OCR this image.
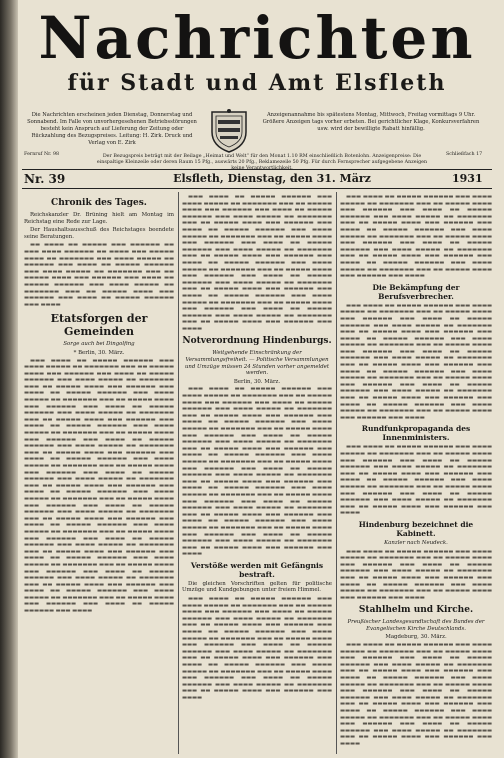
Nachrichten
für Stadt und Amt Elsfleth
Die Nachrichten erscheinen jeden Dienstag, Donnerstag und Sonnabend. Im Falle von unvorhergesehenen Betriebsstörungen besteht kein Anspruch auf Lieferung der Zeitung oder Rückzahlung des Bezugspreises. Leitung: H. Zirk. Druck und Verlag von E. Zirk
Anzeigenannahme bis spätestens Montag, Mittwoch, Freitag vormittags 9 Uhr. Größere Anzeigen tags vorher erbeten. Bei gerichtlicher Klage, Konkursverfahren usw. wird der bewilligte Rabatt hinfällig.
Fernruf Nr. 98	Der Bezugspreis beträgt mit der Beilage „Heimat und Welt“ für den Monat 1.10 RM einschließlich Botenlohn. Anzeigenpreise: Die einspaltige Kleinzeile oder deren Raum 15 Pfg., auswärts 20 Pfg., Reklamezeile 50 Pfg. Für durch Fernsprecher aufgegebene Anzeigen
Schließfach 17
Nr. 39	Elsfleth, Dienstag, den 31. März	1931
Chronik des Tages.

Reichskanzler Dr. Brüning hielt am Montag im Reichstag eine Rede zur Lage.

Der Haushaltsausschuß des Reichstages beendete seine Beratungen.

▬▬ ▬▬▬▬ ▬▬ ▬▬▬▬▬ ▬▬▬ ▬▬▬▬▬▬ ▬▬ ▬▬▬ ▬▬▬▬ ▬▬▬▬▬▬ ▬▬ ▬▬▬▬ ▬▬▬ ▬▬▬▬▬ ▬▬▬▬ ▬▬ ▬▬▬▬▬▬▬ ▬▬▬ ▬▬▬▬ ▬▬▬▬▬ ▬▬ ▬▬▬▬▬▬ ▬▬▬ ▬▬▬▬ ▬▬ ▬▬▬▬▬ ▬▬▬▬▬▬ ▬▬▬ ▬▬▬▬ ▬▬▬▬▬ ▬▬ ▬▬▬▬▬▬▬ ▬▬▬ ▬▬ ▬▬▬▬▬ ▬▬▬▬ ▬▬▬ ▬▬▬▬▬▬ ▬▬▬ ▬▬▬▬ ▬▬ ▬▬▬▬▬ ▬▬▬▬▬▬ ▬▬▬ ▬▬▬▬ ▬▬▬▬▬ ▬▬ ▬▬▬▬▬▬▬ ▬▬▬ ▬▬ ▬▬▬▬▬ ▬▬▬▬ ▬▬▬ ▬▬▬▬▬▬ ▬▬▬ ▬▬▬▬ ▬▬ ▬▬▬▬▬ ▬▬▬▬▬▬ ▬▬▬ ▬▬▬▬

Etatsforgen der Gemeinden
Sorge auch bei Dingolfing
* Berlin, 30. März.

▬▬▬ ▬▬▬▬ ▬▬ ▬▬▬▬▬ ▬▬▬▬▬▬ ▬▬▬ ▬▬▬▬ ▬▬▬▬▬ ▬▬ ▬▬▬▬▬▬▬ ▬▬▬ ▬▬ ▬▬▬▬▬ ▬▬▬▬ ▬▬▬ ▬▬▬▬▬▬ ▬▬▬ ▬▬▬▬ ▬▬ ▬▬▬▬▬ ▬▬▬▬▬▬ ▬▬▬ ▬▬▬▬ ▬▬▬▬▬ ▬▬ ▬▬▬▬▬▬▬ ▬▬▬ ▬▬ ▬▬▬▬▬ ▬▬▬▬ ▬▬▬ ▬▬▬▬▬▬ ▬▬▬ ▬▬▬▬ ▬▬ ▬▬▬▬▬ ▬▬▬▬▬▬ ▬▬▬ ▬▬▬▬ ▬▬▬▬▬ ▬▬ ▬▬▬▬▬▬▬ ▬▬▬ ▬▬ ▬▬▬▬▬ ▬▬▬▬ ▬▬▬ ▬▬▬▬▬▬ ▬▬▬ ▬▬▬▬ ▬▬ ▬▬▬▬▬ ▬▬▬▬▬▬ ▬▬▬ ▬▬▬▬ ▬▬▬▬▬ ▬▬ ▬▬▬▬▬▬▬ ▬▬▬ ▬▬ ▬▬▬▬▬ ▬▬▬▬ ▬▬▬ ▬▬▬▬▬▬ ▬▬▬ ▬▬▬▬ ▬▬ ▬▬▬▬▬ ▬▬▬▬▬▬ ▬▬▬ ▬▬▬▬ ▬▬▬▬▬ ▬▬ ▬▬▬▬▬▬▬ ▬▬▬ ▬▬ ▬▬▬▬▬ ▬▬▬▬ ▬▬▬ ▬▬▬▬▬▬ ▬▬▬ ▬▬▬▬ ▬▬ ▬▬▬▬▬ ▬▬▬▬▬▬ ▬▬▬ ▬▬▬▬ ▬▬▬▬▬ ▬▬ ▬▬▬▬▬▬▬ ▬▬▬ ▬▬ ▬▬▬▬▬ ▬▬▬▬ ▬▬▬ ▬▬▬▬▬▬ ▬▬▬ ▬▬▬▬ ▬▬ ▬▬▬▬▬ ▬▬▬▬▬▬ ▬▬▬ ▬▬▬▬ ▬▬▬▬▬ ▬▬ ▬▬▬▬▬▬▬ ▬▬▬ ▬▬ ▬▬▬▬▬ ▬▬▬▬ ▬▬▬ ▬▬▬▬▬▬ ▬▬▬ ▬▬▬▬ ▬▬ ▬▬▬▬▬ ▬▬▬▬▬▬ ▬▬▬ ▬▬▬▬ ▬▬▬▬▬ ▬▬ ▬▬▬▬▬▬▬ ▬▬▬ ▬▬ ▬▬▬▬▬ ▬▬▬▬ ▬▬▬ ▬▬▬▬▬▬ ▬▬▬ ▬▬▬▬ ▬▬ ▬▬▬▬▬ ▬▬▬▬▬▬ ▬▬▬ ▬▬▬▬ ▬▬▬▬▬ ▬▬ ▬▬▬▬▬▬▬ ▬▬▬ ▬▬ ▬▬▬▬▬ ▬▬▬▬ ▬▬▬ ▬▬▬▬▬▬ ▬▬▬ ▬▬▬▬ ▬▬ ▬▬▬▬▬ ▬▬▬▬▬▬ ▬▬▬ ▬▬▬▬ ▬▬▬▬▬ ▬▬ ▬▬▬▬▬▬▬ ▬▬▬ ▬▬ ▬▬▬▬▬ ▬▬▬▬ ▬▬▬ ▬▬▬▬▬▬ ▬▬▬ ▬▬▬▬ ▬▬ ▬▬▬▬▬ ▬▬▬▬▬▬ ▬▬▬ ▬▬▬▬ ▬▬▬▬▬ ▬▬ ▬▬▬▬▬▬▬ ▬▬▬ ▬▬ ▬▬▬▬▬ ▬▬▬▬ ▬▬▬ ▬▬▬▬▬▬ ▬▬▬ ▬▬▬▬ ▬▬ ▬▬▬▬▬ ▬▬▬▬▬▬ ▬▬▬ ▬▬▬▬ ▬▬▬▬▬ ▬▬ ▬▬▬▬▬▬▬ ▬▬▬ ▬▬ ▬▬▬▬▬ ▬▬▬▬ ▬▬▬ ▬▬▬▬▬▬ ▬▬▬ ▬▬▬▬ ▬▬ ▬▬▬▬▬ ▬▬▬▬▬▬ ▬▬▬ ▬▬▬▬ ▬▬▬▬▬ ▬▬ ▬▬▬▬▬▬▬ ▬▬▬ ▬▬ ▬▬▬▬▬ ▬▬▬▬ ▬▬▬ ▬▬▬▬▬▬ ▬▬▬ ▬▬▬▬ ▬▬ ▬▬▬▬▬ ▬▬▬▬▬▬ ▬▬▬ ▬▬▬▬ ▬▬▬▬▬ ▬▬ ▬▬▬▬▬▬▬ ▬▬▬ ▬▬ ▬▬▬▬▬ ▬▬▬▬ ▬▬▬ ▬▬▬▬▬▬ ▬▬▬ ▬▬▬▬ ▬▬ ▬▬▬▬▬ ▬▬▬▬▬▬ ▬▬▬ ▬▬▬▬ ▬▬▬▬▬ ▬▬ ▬▬▬▬▬▬▬ ▬▬▬ ▬▬ ▬▬▬▬▬ ▬▬▬▬ ▬▬▬ ▬▬▬▬▬▬ ▬▬▬ ▬▬▬▬ ▬▬ ▬▬▬▬▬ ▬▬▬▬▬▬ ▬▬▬ ▬▬▬▬

▬▬▬ ▬▬▬▬ ▬▬ ▬▬▬▬▬ ▬▬▬▬▬▬ ▬▬▬ ▬▬▬▬ ▬▬▬▬▬ ▬▬ ▬▬▬▬▬▬▬ ▬▬▬ ▬▬ ▬▬▬▬▬ ▬▬▬▬ ▬▬▬ ▬▬▬▬▬▬ ▬▬▬ ▬▬▬▬ ▬▬ ▬▬▬▬▬ ▬▬▬▬▬▬ ▬▬▬ ▬▬▬▬ ▬▬▬▬▬ ▬▬ ▬▬▬▬▬▬▬ ▬▬▬ ▬▬ ▬▬▬▬▬ ▬▬▬▬ ▬▬▬ ▬▬▬▬▬▬ ▬▬▬ ▬▬▬▬ ▬▬ ▬▬▬▬▬ ▬▬▬▬▬▬ ▬▬▬ ▬▬▬▬ ▬▬▬▬▬ ▬▬ ▬▬▬▬▬▬▬ ▬▬▬ ▬▬ ▬▬▬▬▬ ▬▬▬▬ ▬▬▬ ▬▬▬▬▬▬ ▬▬▬ ▬▬▬▬ ▬▬ ▬▬▬▬▬ ▬▬▬▬▬▬ ▬▬▬ ▬▬▬▬ ▬▬▬▬▬ ▬▬ ▬▬▬▬▬▬▬ ▬▬▬ ▬▬ ▬▬▬▬▬ ▬▬▬▬ ▬▬▬ ▬▬▬▬▬▬ ▬▬▬ ▬▬▬▬ ▬▬ ▬▬▬▬▬ ▬▬▬▬▬▬ ▬▬▬ ▬▬▬▬ ▬▬▬▬▬ ▬▬ ▬▬▬▬▬▬▬ ▬▬▬ ▬▬ ▬▬▬▬▬ ▬▬▬▬ ▬▬▬ ▬▬▬▬▬▬ ▬▬▬ ▬▬▬▬ ▬▬ ▬▬▬▬▬ ▬▬▬▬▬▬ ▬▬▬ ▬▬▬▬ ▬▬▬▬▬ ▬▬ ▬▬▬▬▬▬▬ ▬▬▬ ▬▬ ▬▬▬▬▬ ▬▬▬▬ ▬▬▬ ▬▬▬▬▬▬ ▬▬▬ ▬▬▬▬ ▬▬ ▬▬▬▬▬ ▬▬▬▬▬▬ ▬▬▬ ▬▬▬▬ ▬▬▬▬▬ ▬▬ ▬▬▬▬▬▬▬ ▬▬▬ ▬▬ ▬▬▬▬▬ ▬▬▬▬ ▬▬▬ ▬▬▬▬▬▬ ▬▬▬ ▬▬▬▬ ▬▬ ▬▬▬▬▬ ▬▬▬▬▬▬ ▬▬▬ ▬▬▬▬ ▬▬▬▬▬ ▬▬ ▬▬▬▬▬▬▬ ▬▬▬ ▬▬ ▬▬▬▬▬ ▬▬▬▬ ▬▬▬ ▬▬▬▬▬▬ ▬▬▬ ▬▬▬▬

Notverordnung Hindenburgs.
Weitgehende Einschränkung der Versammlungsfreiheit. — Politische Versammlungen und Umzüge müssen 24 Stunden vorher angemeldet werden.
Berlin, 30. März.

▬▬▬ ▬▬▬▬ ▬▬ ▬▬▬▬▬ ▬▬▬▬▬▬ ▬▬▬ ▬▬▬▬ ▬▬▬▬▬ ▬▬ ▬▬▬▬▬▬▬ ▬▬▬ ▬▬ ▬▬▬▬▬ ▬▬▬▬ ▬▬▬ ▬▬▬▬▬▬ ▬▬▬ ▬▬▬▬ ▬▬ ▬▬▬▬▬ ▬▬▬▬▬▬ ▬▬▬ ▬▬▬▬ ▬▬▬▬▬ ▬▬ ▬▬▬▬▬▬▬ ▬▬▬ ▬▬ ▬▬▬▬▬ ▬▬▬▬ ▬▬▬ ▬▬▬▬▬▬ ▬▬▬ ▬▬▬▬ ▬▬ ▬▬▬▬▬ ▬▬▬▬▬▬ ▬▬▬ ▬▬▬▬ ▬▬▬▬▬ ▬▬ ▬▬▬▬▬▬▬ ▬▬▬ ▬▬ ▬▬▬▬▬ ▬▬▬▬ ▬▬▬ ▬▬▬▬▬▬ ▬▬▬ ▬▬▬▬ ▬▬ ▬▬▬▬▬ ▬▬▬▬▬▬ ▬▬▬ ▬▬▬▬ ▬▬▬▬▬ ▬▬ ▬▬▬▬▬▬▬ ▬▬▬ ▬▬ ▬▬▬▬▬ ▬▬▬▬ ▬▬▬ ▬▬▬▬▬▬ ▬▬▬ ▬▬▬▬ ▬▬ ▬▬▬▬▬ ▬▬▬▬▬▬ ▬▬▬ ▬▬▬▬ ▬▬▬▬▬ ▬▬ ▬▬▬▬▬▬▬ ▬▬▬ ▬▬ ▬▬▬▬▬ ▬▬▬▬ ▬▬▬ ▬▬▬▬▬▬ ▬▬▬ ▬▬▬▬ ▬▬ ▬▬▬▬▬ ▬▬▬▬▬▬ ▬▬▬ ▬▬▬▬ ▬▬▬▬▬ ▬▬ ▬▬▬▬▬▬▬ ▬▬▬ ▬▬ ▬▬▬▬▬ ▬▬▬▬ ▬▬▬ ▬▬▬▬▬▬ ▬▬▬ ▬▬▬▬ ▬▬ ▬▬▬▬▬ ▬▬▬▬▬▬ ▬▬▬ ▬▬▬▬ ▬▬▬▬▬ ▬▬ ▬▬▬▬▬▬▬ ▬▬▬ ▬▬ ▬▬▬▬▬ ▬▬▬▬ ▬▬▬ ▬▬▬▬▬▬ ▬▬▬ ▬▬▬▬ ▬▬ ▬▬▬▬▬ ▬▬▬▬▬▬ ▬▬▬ ▬▬▬▬ ▬▬▬▬▬ ▬▬ ▬▬▬▬▬▬▬ ▬▬▬ ▬▬ ▬▬▬▬▬ ▬▬▬▬ ▬▬▬ ▬▬▬▬▬▬ ▬▬▬ ▬▬▬▬ ▬▬ ▬▬▬▬▬ ▬▬▬▬▬▬ ▬▬▬ ▬▬▬▬ ▬▬▬▬▬ ▬▬ ▬▬▬▬▬▬▬ ▬▬▬ ▬▬ ▬▬▬▬▬ ▬▬▬▬ ▬▬▬ ▬▬▬▬▬▬ ▬▬▬ ▬▬▬▬ ▬▬ ▬▬▬▬▬ ▬▬▬▬▬▬ ▬▬▬ ▬▬▬▬ ▬▬▬▬▬ ▬▬ ▬▬▬▬▬▬▬ ▬▬▬ ▬▬ ▬▬▬▬▬ ▬▬▬▬ ▬▬▬ ▬▬▬▬▬▬ ▬▬▬ ▬▬▬▬

Verstöße werden mit Gefängnis bestraft.

Die gleichen Vorschriften gelten für politische Umzüge und Kundgebungen unter freiem Himmel.

▬▬▬ ▬▬▬▬ ▬▬ ▬▬▬▬▬ ▬▬▬▬▬▬ ▬▬▬ ▬▬▬▬ ▬▬▬▬▬ ▬▬ ▬▬▬▬▬▬▬ ▬▬▬ ▬▬ ▬▬▬▬▬ ▬▬▬▬ ▬▬▬ ▬▬▬▬▬▬ ▬▬▬ ▬▬▬▬ ▬▬ ▬▬▬▬▬ ▬▬▬▬▬▬ ▬▬▬ ▬▬▬▬ ▬▬▬▬▬ ▬▬ ▬▬▬▬▬▬▬ ▬▬▬ ▬▬ ▬▬▬▬▬ ▬▬▬▬ ▬▬▬ ▬▬▬▬▬▬ ▬▬▬ ▬▬▬▬ ▬▬ ▬▬▬▬▬ ▬▬▬▬▬▬ ▬▬▬ ▬▬▬▬ ▬▬▬▬▬ ▬▬ ▬▬▬▬▬▬▬ ▬▬▬ ▬▬ ▬▬▬▬▬ ▬▬▬▬ ▬▬▬ ▬▬▬▬▬▬ ▬▬▬ ▬▬▬▬ ▬▬ ▬▬▬▬▬ ▬▬▬▬▬▬ ▬▬▬ ▬▬▬▬ ▬▬▬▬▬ ▬▬ ▬▬▬▬▬▬▬ ▬▬▬ ▬▬ ▬▬▬▬▬ ▬▬▬▬ ▬▬▬ ▬▬▬▬▬▬ ▬▬▬ ▬▬▬▬ ▬▬ ▬▬▬▬▬ ▬▬▬▬▬▬ ▬▬▬ ▬▬▬▬ ▬▬▬▬▬ ▬▬ ▬▬▬▬▬▬▬ ▬▬▬ ▬▬ ▬▬▬▬▬ ▬▬▬▬ ▬▬▬ ▬▬▬▬▬▬ ▬▬▬ ▬▬▬▬ ▬▬ ▬▬▬▬▬ ▬▬▬▬▬▬ ▬▬▬ ▬▬▬▬ ▬▬▬▬▬ ▬▬ ▬▬▬▬▬▬▬ ▬▬▬ ▬▬ ▬▬▬▬▬ ▬▬▬▬ ▬▬▬ ▬▬▬▬▬▬ ▬▬▬ ▬▬▬▬

▬▬▬ ▬▬▬▬ ▬▬ ▬▬▬▬▬ ▬▬▬▬▬▬ ▬▬▬ ▬▬▬▬ ▬▬▬▬▬ ▬▬ ▬▬▬▬▬▬▬ ▬▬▬ ▬▬ ▬▬▬▬▬ ▬▬▬▬ ▬▬▬ ▬▬▬▬▬▬ ▬▬▬ ▬▬▬▬ ▬▬ ▬▬▬▬▬ ▬▬▬▬▬▬ ▬▬▬ ▬▬▬▬ ▬▬▬▬▬ ▬▬ ▬▬▬▬▬▬▬ ▬▬▬ ▬▬ ▬▬▬▬▬ ▬▬▬▬ ▬▬▬ ▬▬▬▬▬▬ ▬▬▬ ▬▬▬▬ ▬▬ ▬▬▬▬▬ ▬▬▬▬▬▬ ▬▬▬ ▬▬▬▬ ▬▬▬▬▬ ▬▬ ▬▬▬▬▬▬▬ ▬▬▬ ▬▬ ▬▬▬▬▬ ▬▬▬▬ ▬▬▬ ▬▬▬▬▬▬ ▬▬▬ ▬▬▬▬ ▬▬ ▬▬▬▬▬ ▬▬▬▬▬▬ ▬▬▬ ▬▬▬▬ ▬▬▬▬▬ ▬▬ ▬▬▬▬▬▬▬ ▬▬▬ ▬▬ ▬▬▬▬▬ ▬▬▬▬ ▬▬▬ ▬▬▬▬▬▬ ▬▬▬ ▬▬▬▬ ▬▬ ▬▬▬▬▬ ▬▬▬▬▬▬ ▬▬▬ ▬▬▬▬ ▬▬▬▬▬ ▬▬ ▬▬▬▬▬▬▬ ▬▬▬ ▬▬ ▬▬▬▬▬ ▬▬▬▬ ▬▬▬ ▬▬▬▬▬▬ ▬▬▬ ▬▬▬▬

Die Bekämpfung der Berufsverbrecher.

▬▬▬ ▬▬▬▬ ▬▬ ▬▬▬▬▬ ▬▬▬▬▬▬ ▬▬▬ ▬▬▬▬ ▬▬▬▬▬ ▬▬ ▬▬▬▬▬▬▬ ▬▬▬ ▬▬ ▬▬▬▬▬ ▬▬▬▬ ▬▬▬ ▬▬▬▬▬▬ ▬▬▬ ▬▬▬▬ ▬▬ ▬▬▬▬▬ ▬▬▬▬▬▬ ▬▬▬ ▬▬▬▬ ▬▬▬▬▬ ▬▬ ▬▬▬▬▬▬▬ ▬▬▬ ▬▬ ▬▬▬▬▬ ▬▬▬▬ ▬▬▬ ▬▬▬▬▬▬ ▬▬▬ ▬▬▬▬ ▬▬ ▬▬▬▬▬ ▬▬▬▬▬▬ ▬▬▬ ▬▬▬▬ ▬▬▬▬▬ ▬▬ ▬▬▬▬▬▬▬ ▬▬▬ ▬▬ ▬▬▬▬▬ ▬▬▬▬ ▬▬▬ ▬▬▬▬▬▬ ▬▬▬ ▬▬▬▬ ▬▬ ▬▬▬▬▬ ▬▬▬▬▬▬ ▬▬▬ ▬▬▬▬ ▬▬▬▬▬ ▬▬ ▬▬▬▬▬▬▬ ▬▬▬ ▬▬ ▬▬▬▬▬ ▬▬▬▬ ▬▬▬ ▬▬▬▬▬▬ ▬▬▬ ▬▬▬▬ ▬▬ ▬▬▬▬▬ ▬▬▬▬▬▬ ▬▬▬ ▬▬▬▬ ▬▬▬▬▬ ▬▬ ▬▬▬▬▬▬▬ ▬▬▬ ▬▬ ▬▬▬▬▬ ▬▬▬▬ ▬▬▬ ▬▬▬▬▬▬ ▬▬▬ ▬▬▬▬ ▬▬ ▬▬▬▬▬ ▬▬▬▬▬▬ ▬▬▬ ▬▬▬▬ ▬▬▬▬▬ ▬▬ ▬▬▬▬▬▬▬ ▬▬▬ ▬▬ ▬▬▬▬▬ ▬▬▬▬ ▬▬▬ ▬▬▬▬▬▬ ▬▬▬ ▬▬▬▬ ▬▬ ▬▬▬▬▬ ▬▬▬▬▬▬ ▬▬▬ ▬▬▬▬ ▬▬▬▬▬ ▬▬ ▬▬▬▬▬▬▬ ▬▬▬ ▬▬ ▬▬▬▬▬ ▬▬▬▬ ▬▬▬ ▬▬▬▬▬▬ ▬▬▬ ▬▬▬▬

Rundfunkpropaganda des Innenministers.

▬▬▬ ▬▬▬▬ ▬▬ ▬▬▬▬▬ ▬▬▬▬▬▬ ▬▬▬ ▬▬▬▬ ▬▬▬▬▬ ▬▬ ▬▬▬▬▬▬▬ ▬▬▬ ▬▬ ▬▬▬▬▬ ▬▬▬▬ ▬▬▬ ▬▬▬▬▬▬ ▬▬▬ ▬▬▬▬ ▬▬ ▬▬▬▬▬ ▬▬▬▬▬▬ ▬▬▬ ▬▬▬▬ ▬▬▬▬▬ ▬▬ ▬▬▬▬▬▬▬ ▬▬▬ ▬▬ ▬▬▬▬▬ ▬▬▬▬ ▬▬▬ ▬▬▬▬▬▬ ▬▬▬ ▬▬▬▬ ▬▬ ▬▬▬▬▬ ▬▬▬▬▬▬ ▬▬▬ ▬▬▬▬ ▬▬▬▬▬ ▬▬ ▬▬▬▬▬▬▬ ▬▬▬ ▬▬ ▬▬▬▬▬ ▬▬▬▬ ▬▬▬ ▬▬▬▬▬▬ ▬▬▬ ▬▬▬▬ ▬▬ ▬▬▬▬▬ ▬▬▬▬▬▬ ▬▬▬ ▬▬▬▬ ▬▬▬▬▬ ▬▬ ▬▬▬▬▬▬▬ ▬▬▬ ▬▬ ▬▬▬▬▬ ▬▬▬▬ ▬▬▬ ▬▬▬▬▬▬ ▬▬▬ ▬▬▬▬

Hindenburg bezeichnet die Kabinett.
Kanzler nach Neudeck.

▬▬▬ ▬▬▬▬ ▬▬ ▬▬▬▬▬ ▬▬▬▬▬▬ ▬▬▬ ▬▬▬▬ ▬▬▬▬▬ ▬▬ ▬▬▬▬▬▬▬ ▬▬▬ ▬▬ ▬▬▬▬▬ ▬▬▬▬ ▬▬▬ ▬▬▬▬▬▬ ▬▬▬ ▬▬▬▬ ▬▬ ▬▬▬▬▬ ▬▬▬▬▬▬ ▬▬▬ ▬▬▬▬ ▬▬▬▬▬ ▬▬ ▬▬▬▬▬▬▬ ▬▬▬ ▬▬ ▬▬▬▬▬ ▬▬▬▬ ▬▬▬ ▬▬▬▬▬▬ ▬▬▬ ▬▬▬▬ ▬▬ ▬▬▬▬▬ ▬▬▬▬▬▬ ▬▬▬ ▬▬▬▬ ▬▬▬▬▬ ▬▬ ▬▬▬▬▬▬▬ ▬▬▬ ▬▬ ▬▬▬▬▬ ▬▬▬▬ ▬▬▬ ▬▬▬▬▬▬ ▬▬▬ ▬▬▬▬

Stahlhelm und Kirche.
Preußischer Landesgesandtschaft des Bundes der Evangelischen Kirche Deutschlands.
Magdeburg, 30. März.

▬▬▬ ▬▬▬▬ ▬▬ ▬▬▬▬▬ ▬▬▬▬▬▬ ▬▬▬ ▬▬▬▬ ▬▬▬▬▬ ▬▬ ▬▬▬▬▬▬▬ ▬▬▬ ▬▬ ▬▬▬▬▬ ▬▬▬▬ ▬▬▬ ▬▬▬▬▬▬ ▬▬▬ ▬▬▬▬ ▬▬ ▬▬▬▬▬ ▬▬▬▬▬▬ ▬▬▬ ▬▬▬▬ ▬▬▬▬▬ ▬▬ ▬▬▬▬▬▬▬ ▬▬▬ ▬▬ ▬▬▬▬▬ ▬▬▬▬ ▬▬▬ ▬▬▬▬▬▬ ▬▬▬ ▬▬▬▬ ▬▬ ▬▬▬▬▬ ▬▬▬▬▬▬ ▬▬▬ ▬▬▬▬ ▬▬▬▬▬ ▬▬ ▬▬▬▬▬▬▬ ▬▬▬ ▬▬ ▬▬▬▬▬ ▬▬▬▬ ▬▬▬ ▬▬▬▬▬▬ ▬▬▬ ▬▬▬▬ ▬▬ ▬▬▬▬▬ ▬▬▬▬▬▬ ▬▬▬ ▬▬▬▬ ▬▬▬▬▬ ▬▬ ▬▬▬▬▬▬▬ ▬▬▬ ▬▬ ▬▬▬▬▬ ▬▬▬▬ ▬▬▬ ▬▬▬▬▬▬ ▬▬▬ ▬▬▬▬ ▬▬ ▬▬▬▬▬ ▬▬▬▬▬▬ ▬▬▬ ▬▬▬▬ ▬▬▬▬▬ ▬▬ ▬▬▬▬▬▬▬ ▬▬▬ ▬▬ ▬▬▬▬▬ ▬▬▬▬ ▬▬▬ ▬▬▬▬▬▬ ▬▬▬ ▬▬▬▬ ▬▬ ▬▬▬▬▬ ▬▬▬▬▬▬ ▬▬▬ ▬▬▬▬ ▬▬▬▬▬ ▬▬ ▬▬▬▬▬▬▬ ▬▬▬ ▬▬ ▬▬▬▬▬ ▬▬▬▬ ▬▬▬ ▬▬▬▬▬▬ ▬▬▬ ▬▬▬▬
